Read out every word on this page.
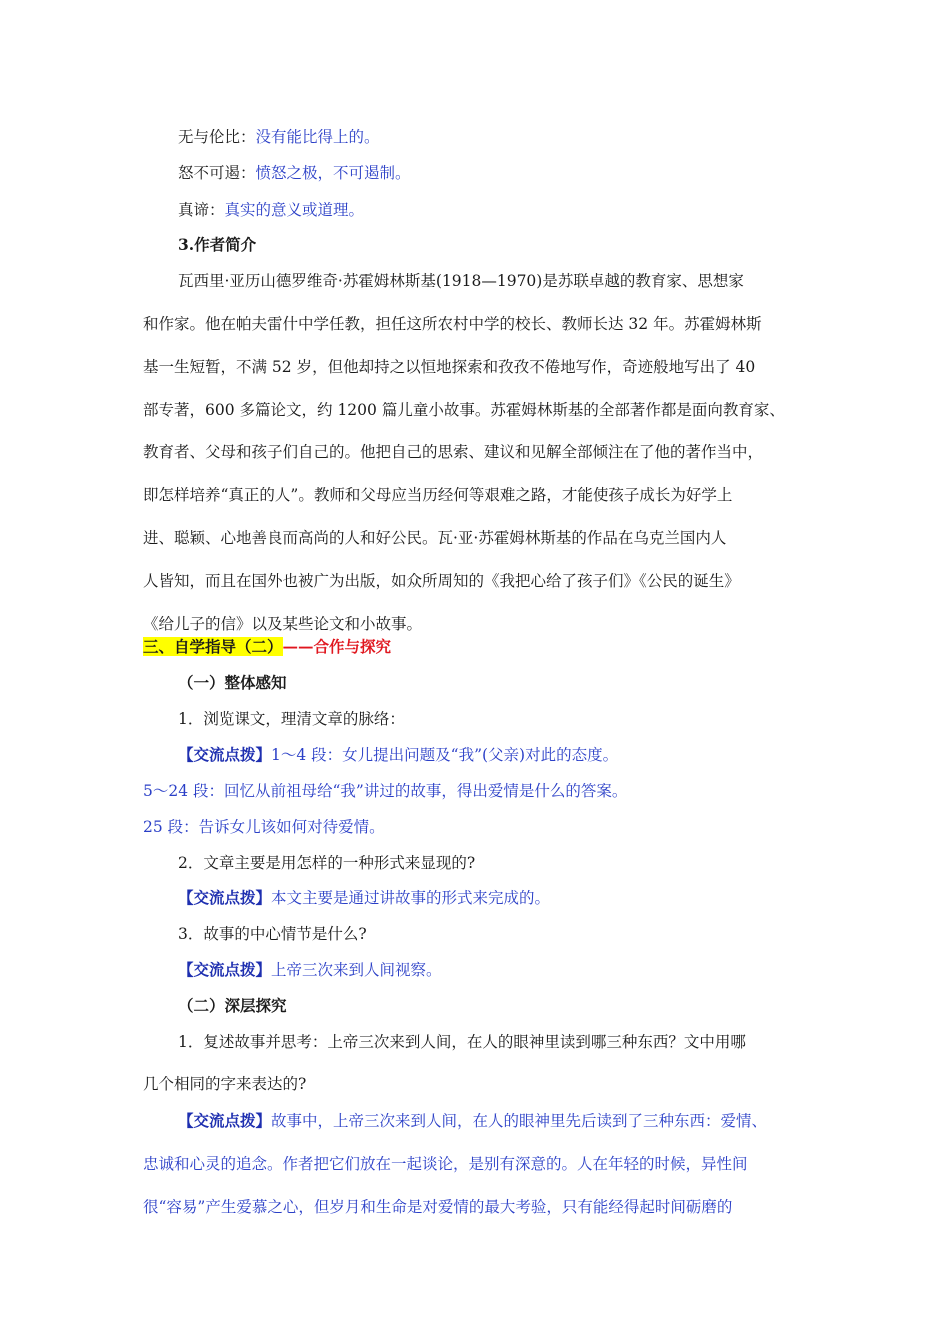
无与伦比：没有能比得上的。
怒不可遏：愤怒之极，不可遏制。
真谛：真实的意义或道理。
3.作者简介
瓦西里·亚历山德罗维奇·苏霍姆林斯基(1918—1970)是苏联卓越的教育家、思想家
和作家。他在帕夫雷什中学任教，担任这所农村中学的校长、教师长达 32 年。苏霍姆林斯
基一生短暂，不满 52 岁，但他却持之以恒地探索和孜孜不倦地写作，奇迹般地写出了 40
部专著，600 多篇论文，约 1200 篇儿童小故事。苏霍姆林斯基的全部著作都是面向教育家、
教育者、父母和孩子们自己的。他把自己的思索、建议和见解全部倾注在了他的著作当中，
即怎样培养“真正的人”。教师和父母应当历经何等艰难之路，才能使孩子成长为好学上
进、聪颖、心地善良而高尚的人和好公民。瓦·亚·苏霍姆林斯基的作品在乌克兰国内人
人皆知，而且在国外也被广为出版，如众所周知的《我把心给了孩子们》《公民的诞生》
《给儿子的信》以及某些论文和小故事。
三、自学指导（二）——合作与探究
（一）整体感知
1．浏览课文，理清文章的脉络：
【交流点拨】1～4 段：女儿提出问题及“我”(父亲)对此的态度。
5～24 段：回忆从前祖母给“我”讲过的故事，得出爱情是什么的答案。
25 段：告诉女儿该如何对待爱情。
2．文章主要是用怎样的一种形式来显现的?
【交流点拨】本文主要是通过讲故事的形式来完成的。
3．故事的中心情节是什么?
【交流点拨】上帝三次来到人间视察。
（二）深层探究
1．复述故事并思考：上帝三次来到人间，在人的眼神里读到哪三种东西？文中用哪
几个相同的字来表达的?
【交流点拨】故事中，上帝三次来到人间，在人的眼神里先后读到了三种东西：爱情、
忠诚和心灵的追念。作者把它们放在一起谈论，是别有深意的。人在年轻的时候，异性间
很“容易”产生爱慕之心，但岁月和生命是对爱情的最大考验，只有能经得起时间砺磨的
